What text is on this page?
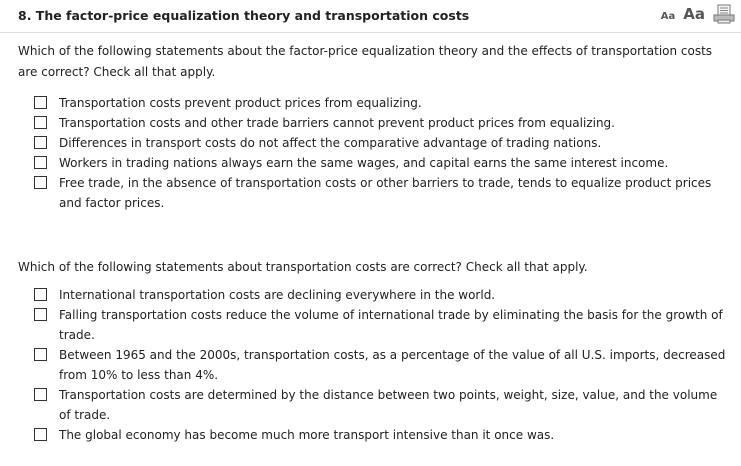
8. The factor-price equalization theory and transportation costs	Aa Aa

Which of the following statements about the factor-price equalization theory and the effects of transportation costs are correct? Check all that apply.

Transportation costs prevent product prices from equalizing.
Transportation costs and other trade barriers cannot prevent product prices from equalizing.
Differences in transport costs do not affect the comparative advantage of trading nations.
Workers in trading nations always earn the same wages, and capital earns the same interest income.
Free trade, in the absence of transportation costs or other barriers to trade, tends to equalize product prices and factor prices.

Which of the following statements about transportation costs are correct? Check all that apply.

International transportation costs are declining everywhere in the world.
Falling transportation costs reduce the volume of international trade by eliminating the basis for the growth of trade.
Between 1965 and the 2000s, transportation costs, as a percentage of the value of all U.S. imports, decreased from 10% to less than 4%.
Transportation costs are determined by the distance between two points, weight, size, value, and the volume of trade.
The global economy has become much more transport intensive than it once was.
